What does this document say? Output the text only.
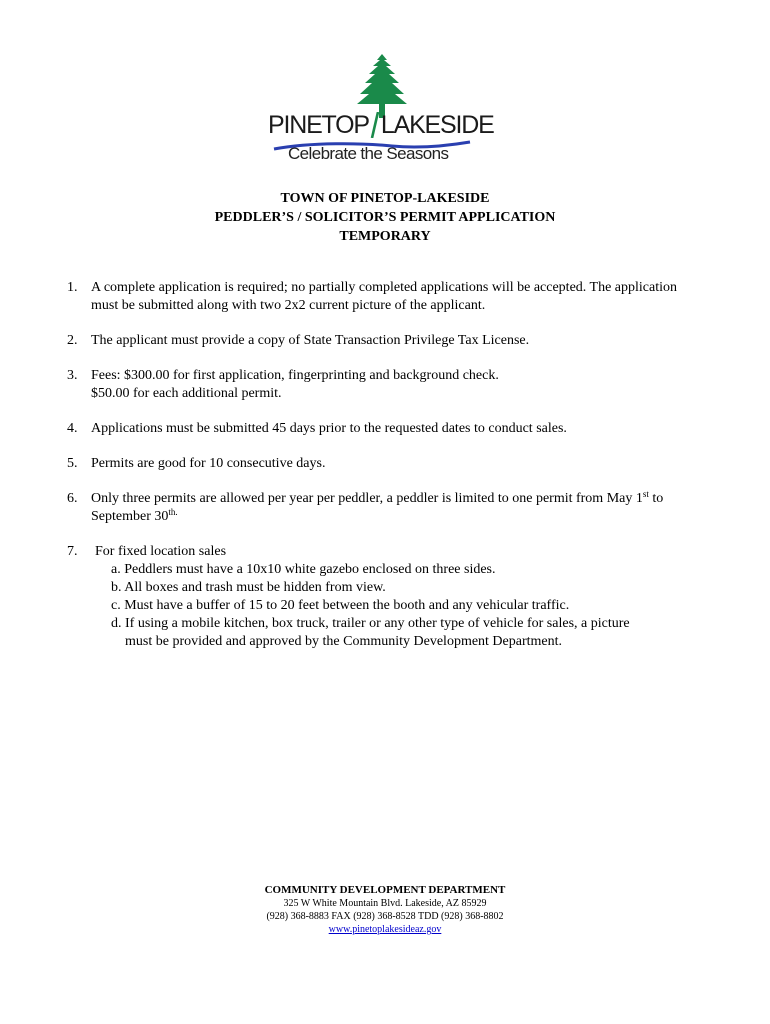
PINETOP LAKESIDE
Celebrate the Seasons
TOWN OF PINETOP-LAKESIDE
PEDDLER’S / SOLICITOR’S PERMIT APPLICATION
TEMPORARY
1. A complete application is required; no partially completed applications will be accepted. The application
must be submitted along with two 2x2 current picture of the applicant.
2. The applicant must provide a copy of State Transaction Privilege Tax License.
3. Fees: $300.00 for first application, fingerprinting and background check.
$50.00 for each additional permit.
4. Applications must be submitted 45 days prior to the requested dates to conduct sales.
5. Permits are good for 10 consecutive days.
6. Only three permits are allowed per year per peddler, a peddler is limited to one permit from May 1st to
September $30^{th.}$
7. For fixed location sales
a. Peddlers must have a 10x10 white gazebo enclosed on three sides.
b. All boxes and trash must be hidden from view.
c. Must have a buffer of 15 to 20 feet between the booth and any vehicular traffic.
d. If using a mobile kitchen, box truck, trailer or any other type of vehicle for sales, a picture
must be provided and approved by the Community Development Department.
COMMUNITY DEVELOPMENT DEPARTMENT
325 W White Mountain Blvd. Lakeside, AZ 85929
(928) 368-8883 FAX (928) 368-8528 TDD (928) 368-8802
www.pinetoplakesideaz.gov
